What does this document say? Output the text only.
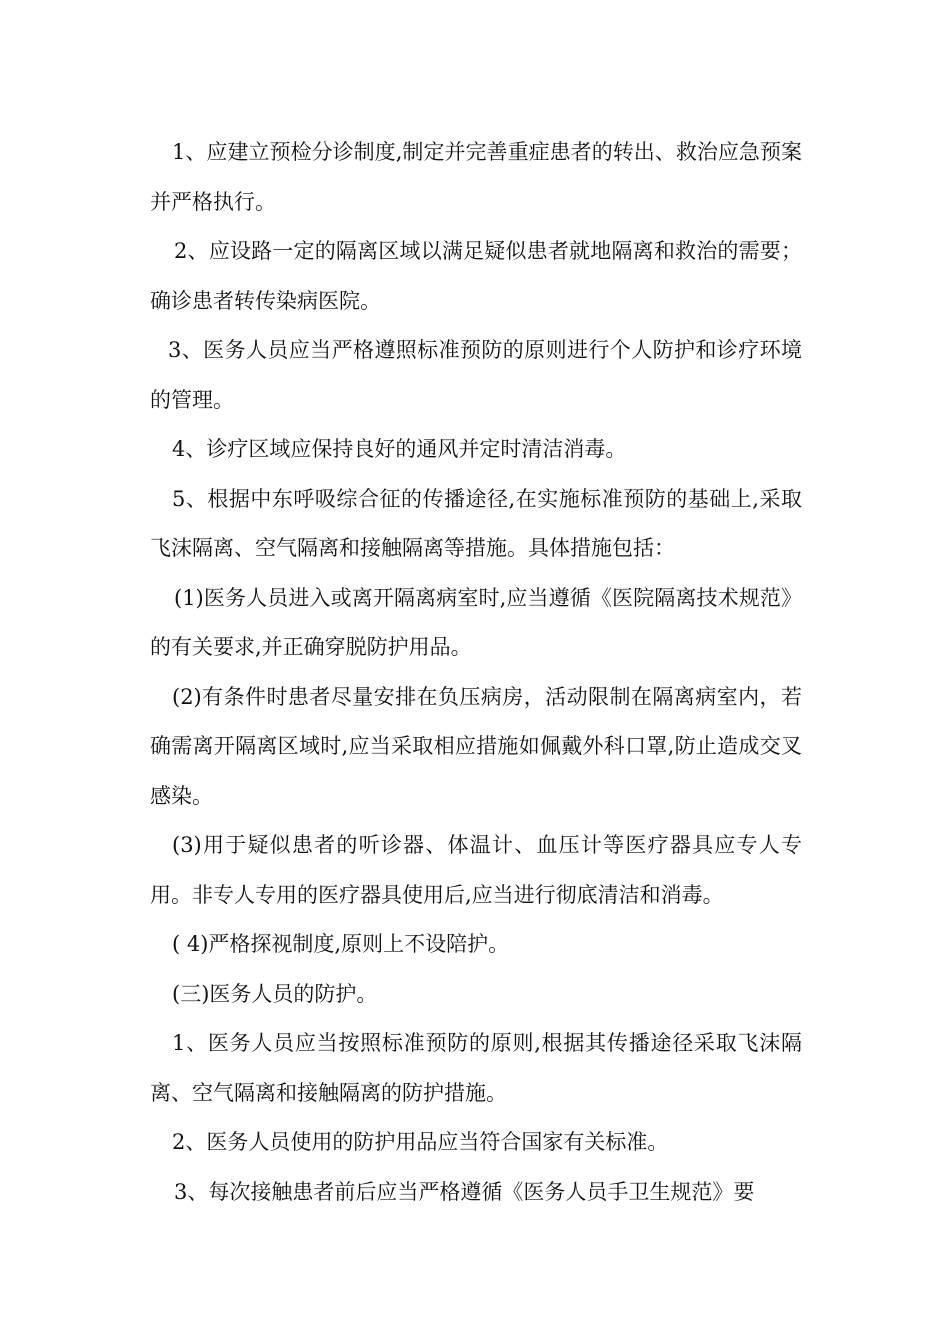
1、应建立预检分诊制度,制定并完善重症患者的转出、救治应急预案并严格执行。

2、应设路一定的隔离区域以满足疑似患者就地隔离和救治的需要；确诊患者转传染病医院。

3、医务人员应当严格遵照标准预防的原则进行个人防护和诊疗环境的管理。

4、诊疗区域应保持良好的通风并定时清洁消毒。

5、根据中东呼吸综合征的传播途径,在实施标准预防的基础上,采取飞沫隔离、空气隔离和接触隔离等措施。具体措施包括：

(1)医务人员进入或离开隔离病室时,应当遵循《医院隔离技术规范》的有关要求,并正确穿脱防护用品。

(2)有条件时患者尽量安排在负压病房，活动限制在隔离病室内，若确需离开隔离区域时,应当采取相应措施如佩戴外科口罩,防止造成交叉感染。

(3)用于疑似患者的听诊器、体温计、血压计等医疗器具应专人专用。非专人专用的医疗器具使用后,应当进行彻底清洁和消毒。

( 4)严格探视制度,原则上不设陪护。

(三)医务人员的防护。

1、医务人员应当按照标准预防的原则,根据其传播途径采取飞沫隔离、空气隔离和接触隔离的防护措施。

2、医务人员使用的防护用品应当符合国家有关标准。

3、每次接触患者前后应当严格遵循《医务人员手卫生规范》要
